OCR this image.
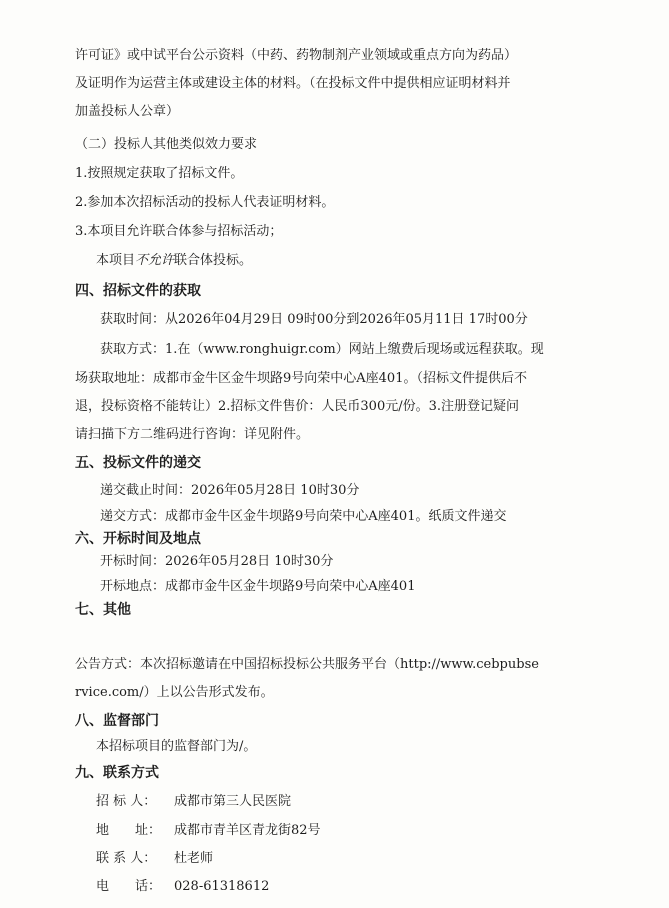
许可证》或中试平台公示资料（中药、药物制剂产业领域或重点方向为药品）
及证明作为运营主体或建设主体的材料。（在投标文件中提供相应证明材料并
加盖投标人公章）
（二）投标人其他类似效力要求
1.按照规定获取了招标文件。
2.参加本次招标活动的投标人代表证明材料。
3.本项目允许联合体参与招标活动；
本项目不允许联合体投标。
四、招标文件的获取
获取时间：从2026年04月29日 09时00分到2026年05月11日 17时00分
获取方式：1.在（www.ronghuigr.com）网站上缴费后现场或远程获取。现
场获取地址：成都市金牛区金牛坝路9号向荣中心A座401。（招标文件提供后不
退，投标资格不能转让）2.招标文件售价：人民币300元/份。3.注册登记疑问
请扫描下方二维码进行咨询：详见附件。
五、投标文件的递交
递交截止时间：2026年05月28日 10时30分
递交方式：成都市金牛区金牛坝路9号向荣中心A座401。纸质文件递交
六、开标时间及地点
开标时间：2026年05月28日 10时30分
开标地点：成都市金牛区金牛坝路9号向荣中心A座401
七、其他
公告方式：本次招标邀请在中国招标投标公共服务平台（http://www.cebpubse
rvice.com/）上以公告形式发布。
八、监督部门
本招标项目的监督部门为/。
九、联系方式
招 标 人： 成都市第三人民医院
地　　址： 成都市青羊区青龙街82号
联 系 人： 杜老师
电　　话： 028-61318612
